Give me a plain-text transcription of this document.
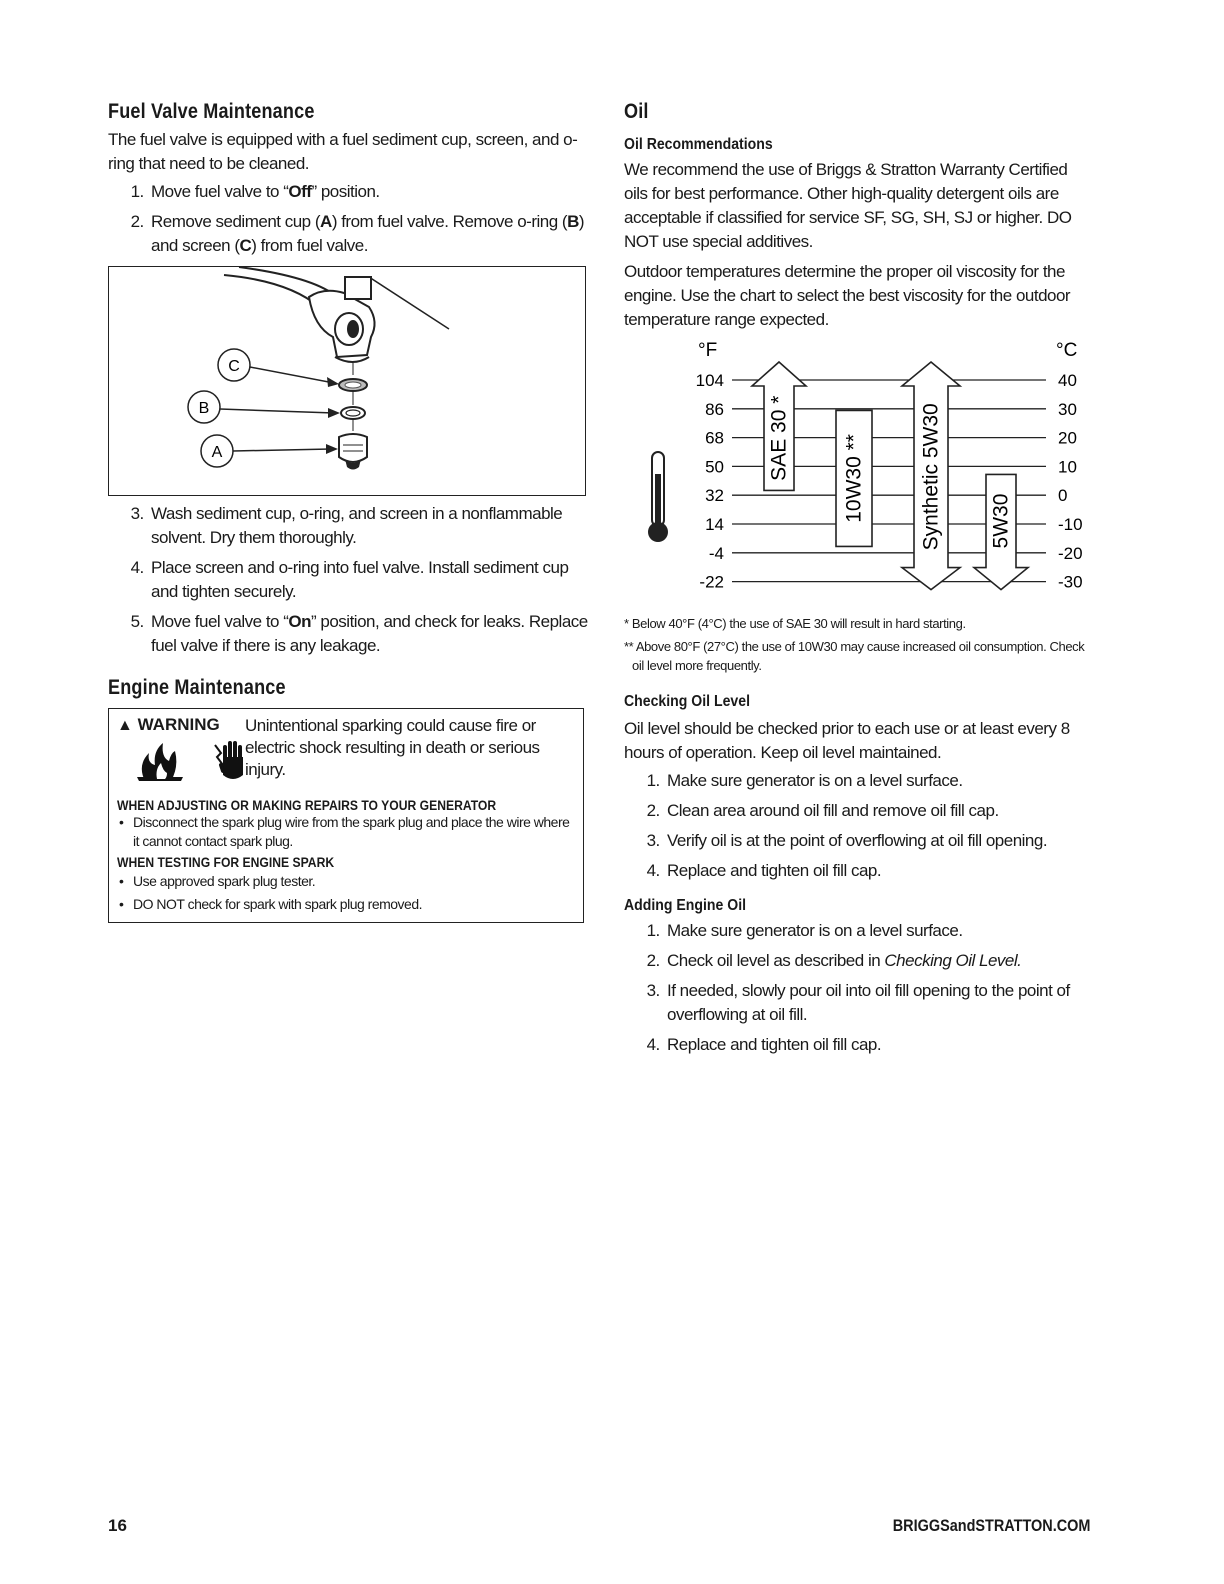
Fuel Valve Maintenance

The fuel valve is equipped with a fuel sediment cup, screen, and o-ring that need to be cleaned.

1. Move fuel valve to “Off” position.
2. Remove sediment cup (A) from fuel valve. Remove o-ring (B) and screen (C) from fuel valve.
C
B
A
3. Wash sediment cup, o-ring, and screen in a nonflammable solvent. Dry them thoroughly.
4. Place screen and o-ring into fuel valve. Install sediment cup and tighten securely.
5. Move fuel valve to “On” position, and check for leaks. Replace fuel valve if there is any leakage.
Engine Maintenance
▲ WARNING	Unintentional sparking could cause fire or electric shock resulting in death or serious injury.
WHEN ADJUSTING OR MAKING REPAIRS TO YOUR GENERATOR
• Disconnect the spark plug wire from the spark plug and place the wire where it cannot contact spark plug.
WHEN TESTING FOR ENGINE SPARK
• Use approved spark plug tester.
• DO NOT check for spark with spark plug removed.
Oil
Oil Recommendations

We recommend the use of Briggs & Stratton Warranty Certified oils for best performance. Other high-quality detergent oils are acceptable if classified for service SF, SG, SH, SJ or higher. DO NOT use special additives.

Outdoor temperatures determine the proper oil viscosity for the engine. Use the chart to select the best viscosity for the outdoor temperature range expected.

°F	°C
104
86
68
50
32
14
-4
-22
40
30
20
10
0
-10
-20
-30
SAE 30 * 10W30 **	Synthetic 5W30 5W30

* Below 40°F (4°C) the use of SAE 30 will result in hard starting.

** Above 80°F (27°C) the use of 10W30 may cause increased oil consumption. Check oil level more frequently.

Checking Oil Level

Oil level should be checked prior to each use or at least every 8 hours of operation. Keep oil level maintained.

1. Make sure generator is on a level surface.
2. Clean area around oil fill and remove oil fill cap.
3. Verify oil is at the point of overflowing at oil fill opening.
4. Replace and tighten oil fill cap.
Adding Engine Oil
1. Make sure generator is on a level surface.
2. Check oil level as described in Checking Oil Level.
3. If needed, slowly pour oil into oil fill opening to the point of overflowing at oil fill.
4. Replace and tighten oil fill cap.
16	BRIGGSandSTRATTON.COM
